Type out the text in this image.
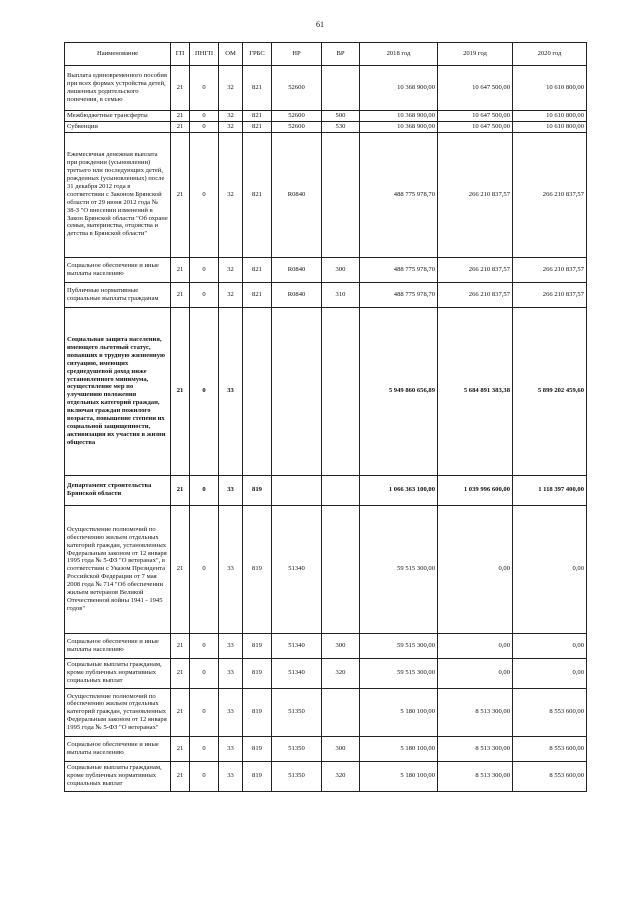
61
Наименование	ГП	ПНГП	ОМ	ГРБС	НР	ВР	2018 год	2019 год	2020 год
Выплата единовременного пособия при всех формах устройства детей, лишенных родительского попечения, в семью	21	0	32	821	52600		10 368 900,00	10 647 500,00	10 610 800,00
Межбюджетные трансферты	21	0	32	821	52600	500	10 368 900,00	10 647 500,00	10 610 800,00
Субвенции	21	0	32	821	52600	530	10 368 900,00	10 647 500,00	10 610 800,00
Ежемесячная денежная выплата при рождении (усыновлении) третьего или последующих детей, рожденных (усыновленных) после 31 декабря 2012 года в соответствии с Законом Брянской области от 29 июня 2012 года № 38-З "О внесении изменений в Закон Брянской области "Об охране семьи, материнства, отцовства и детства в Брянской области"	21	0	32	821	R0840		488 775 978,70	266 210 837,57	266 210 837,57
Социальное обеспечение и иные выплаты населению	21	0	32	821	R0840	300	488 775 978,70	266 210 837,57	266 210 837,57
Публичные нормативные социальные выплаты гражданам	21	0	32	821	R0840	310	488 775 978,70	266 210 837,57	266 210 837,57
Социальная защита населения, имеющего льготный статус, попавших в трудную жизненную ситуацию, имеющих среднедушевой доход ниже установленного минимума, осуществление мер по улучшению положения отдельных категорий граждан, включая граждан пожилого возраста, повышение степени их социальной защищенности, активизация их участия в жизни общества	21	0	33				5 949 860 656,89	5 684 891 383,38	5 899 202 459,60
Департамент строительства Брянской области	21	0	33	819			1 066 363 100,00	1 039 996 600,00	1 118 397 400,00
Осуществление полномочий по обеспечению жильем отдельных категорий граждан, установленных Федеральным законом от 12 января 1995 года № 5-ФЗ "О ветеранах", в соответствии с Указом Президента Российской Федерации от 7 мая 2008 года № 714 "Об обеспечении жильем ветеранов Великой Отечественной войны 1941 - 1945 годов"	21	0	33	819	51340		59 515 300,00	0,00	0,00
Социальное обеспечение и иные выплаты населению	21	0	33	819	51340	300	59 515 300,00	0,00	0,00
Социальные выплаты гражданам, кроме публичных нормативных социальных выплат	21	0	33	819	51340	320	59 515 300,00	0,00	0,00
Осуществление полномочий по обеспечению жильем отдельных категорий граждан, установленных Федеральным законом от 12 января 1995 года № 5-ФЗ "О ветеранах"	21	0	33	819	51350		5 180 100,00	8 513 300,00	8 553 600,00
Социальное обеспечение и иные выплаты населению	21	0	33	819	51350	300	5 180 100,00	8 513 300,00	8 553 600,00
Социальные выплаты гражданам, кроме публичных нормативных социальных выплат	21	0	33	819	51350	320	5 180 100,00	8 513 300,00	8 553 600,00
